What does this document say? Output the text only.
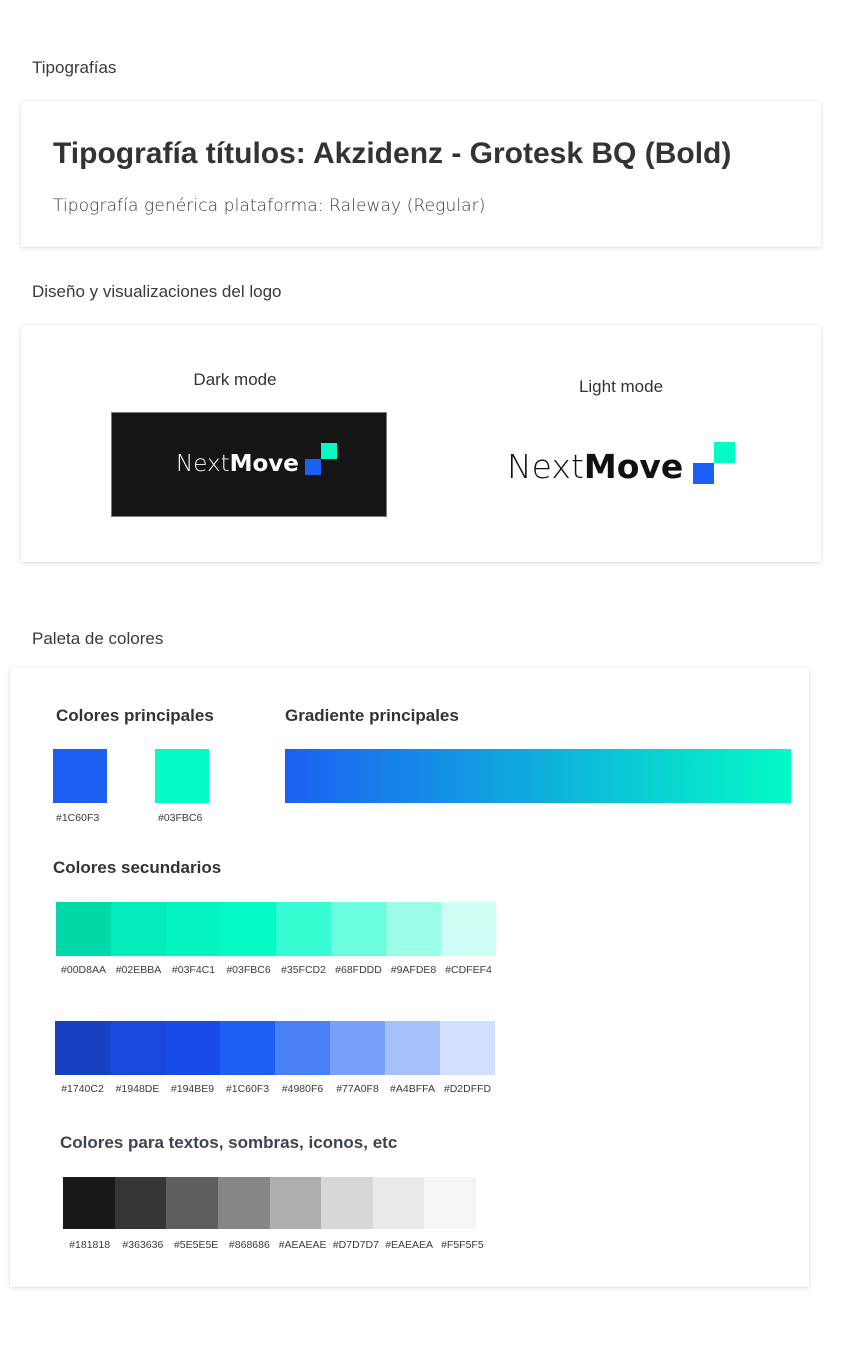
Tipografías
Tipografía títulos: Akzidenz - Grotesk BQ (Bold)
Tipografía genérica plataforma: Raleway (Regular)
Diseño y visualizaciones del logo
Dark mode
Next Move
Light mode
Next Move
Paleta de colores
Colores principales	Gradiente principales
#1C60F3	#03FBC6
Colores secundarios
#00D8AA #02EBBA	#03F4C1	#03FBC6 #35FCD2 #68FDDD #9AFDE8 #CDFEF4
#1740C2	#1948DE	#194BE9	#1C60F3	#4980F6	#77A0F8	#A4BFFA #D2DFFD
Colores para textos, sombras, iconos, etc
#181818	#363636	#5E5E5E	#868686 #AEAEAE #D7D7D7 #EAEAEA #F5F5F5
